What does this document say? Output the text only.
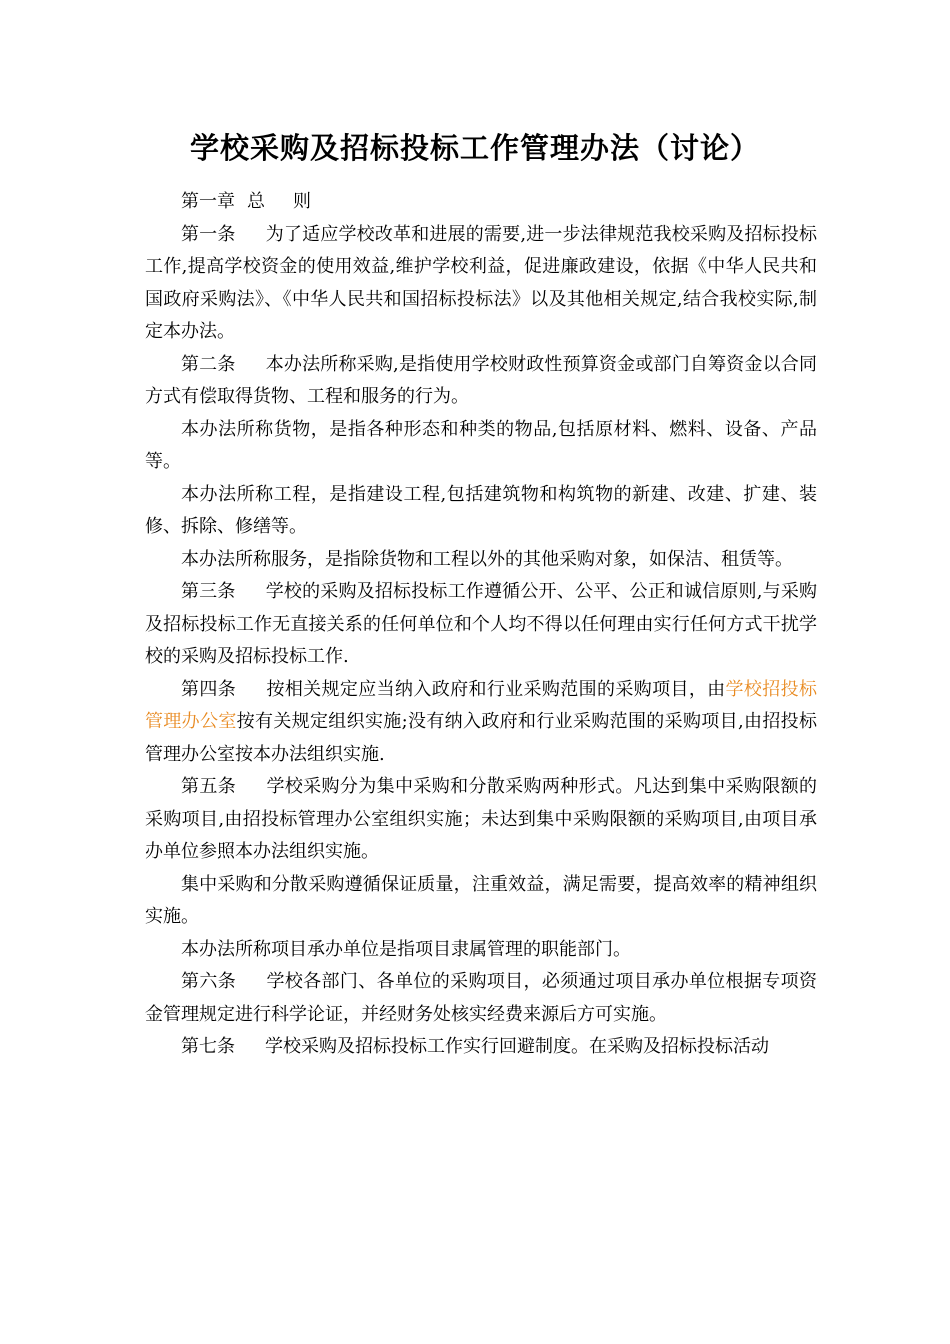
学校采购及招标投标工作管理办法（讨论）

第一章 总 则

第一条 为了适应学校改革和进展的需要,进一步法律规范我校采购及招标投标工作,提高学校资金的使用效益,维护学校利益，促进廉政建设，依据《中华人民共和国政府采购法》、《中华人民共和国招标投标法》以及其他相关规定,结合我校实际,制定本办法。

第二条 本办法所称采购,是指使用学校财政性预算资金或部门自筹资金以合同方式有偿取得货物、工程和服务的行为。

本办法所称货物，是指各种形态和种类的物品,包括原材料、燃料、设备、产品等。

本办法所称工程，是指建设工程,包括建筑物和构筑物的新建、改建、扩建、装修、拆除、修缮等。

本办法所称服务，是指除货物和工程以外的其他采购对象，如保洁、租赁等。

第三条 学校的采购及招标投标工作遵循公开、公平、公正和诚信原则,与采购及招标投标工作无直接关系的任何单位和个人均不得以任何理由实行任何方式干扰学校的采购及招标投标工作.

第四条 按相关规定应当纳入政府和行业采购范围的采购项目，由学校招投标管理办公室按有关规定组织实施;没有纳入政府和行业采购范围的采购项目,由招投标管理办公室按本办法组织实施.

第五条 学校采购分为集中采购和分散采购两种形式。凡达到集中采购限额的采购项目,由招投标管理办公室组织实施；未达到集中采购限额的采购项目,由项目承办单位参照本办法组织实施。

集中采购和分散采购遵循保证质量，注重效益，满足需要，提高效率的精神组织实施。

本办法所称项目承办单位是指项目隶属管理的职能部门。

第六条 学校各部门、各单位的采购项目，必须通过项目承办单位根据专项资金管理规定进行科学论证，并经财务处核实经费来源后方可实施。

第七条 学校采购及招标投标工作实行回避制度。在采购及招标投标活动
